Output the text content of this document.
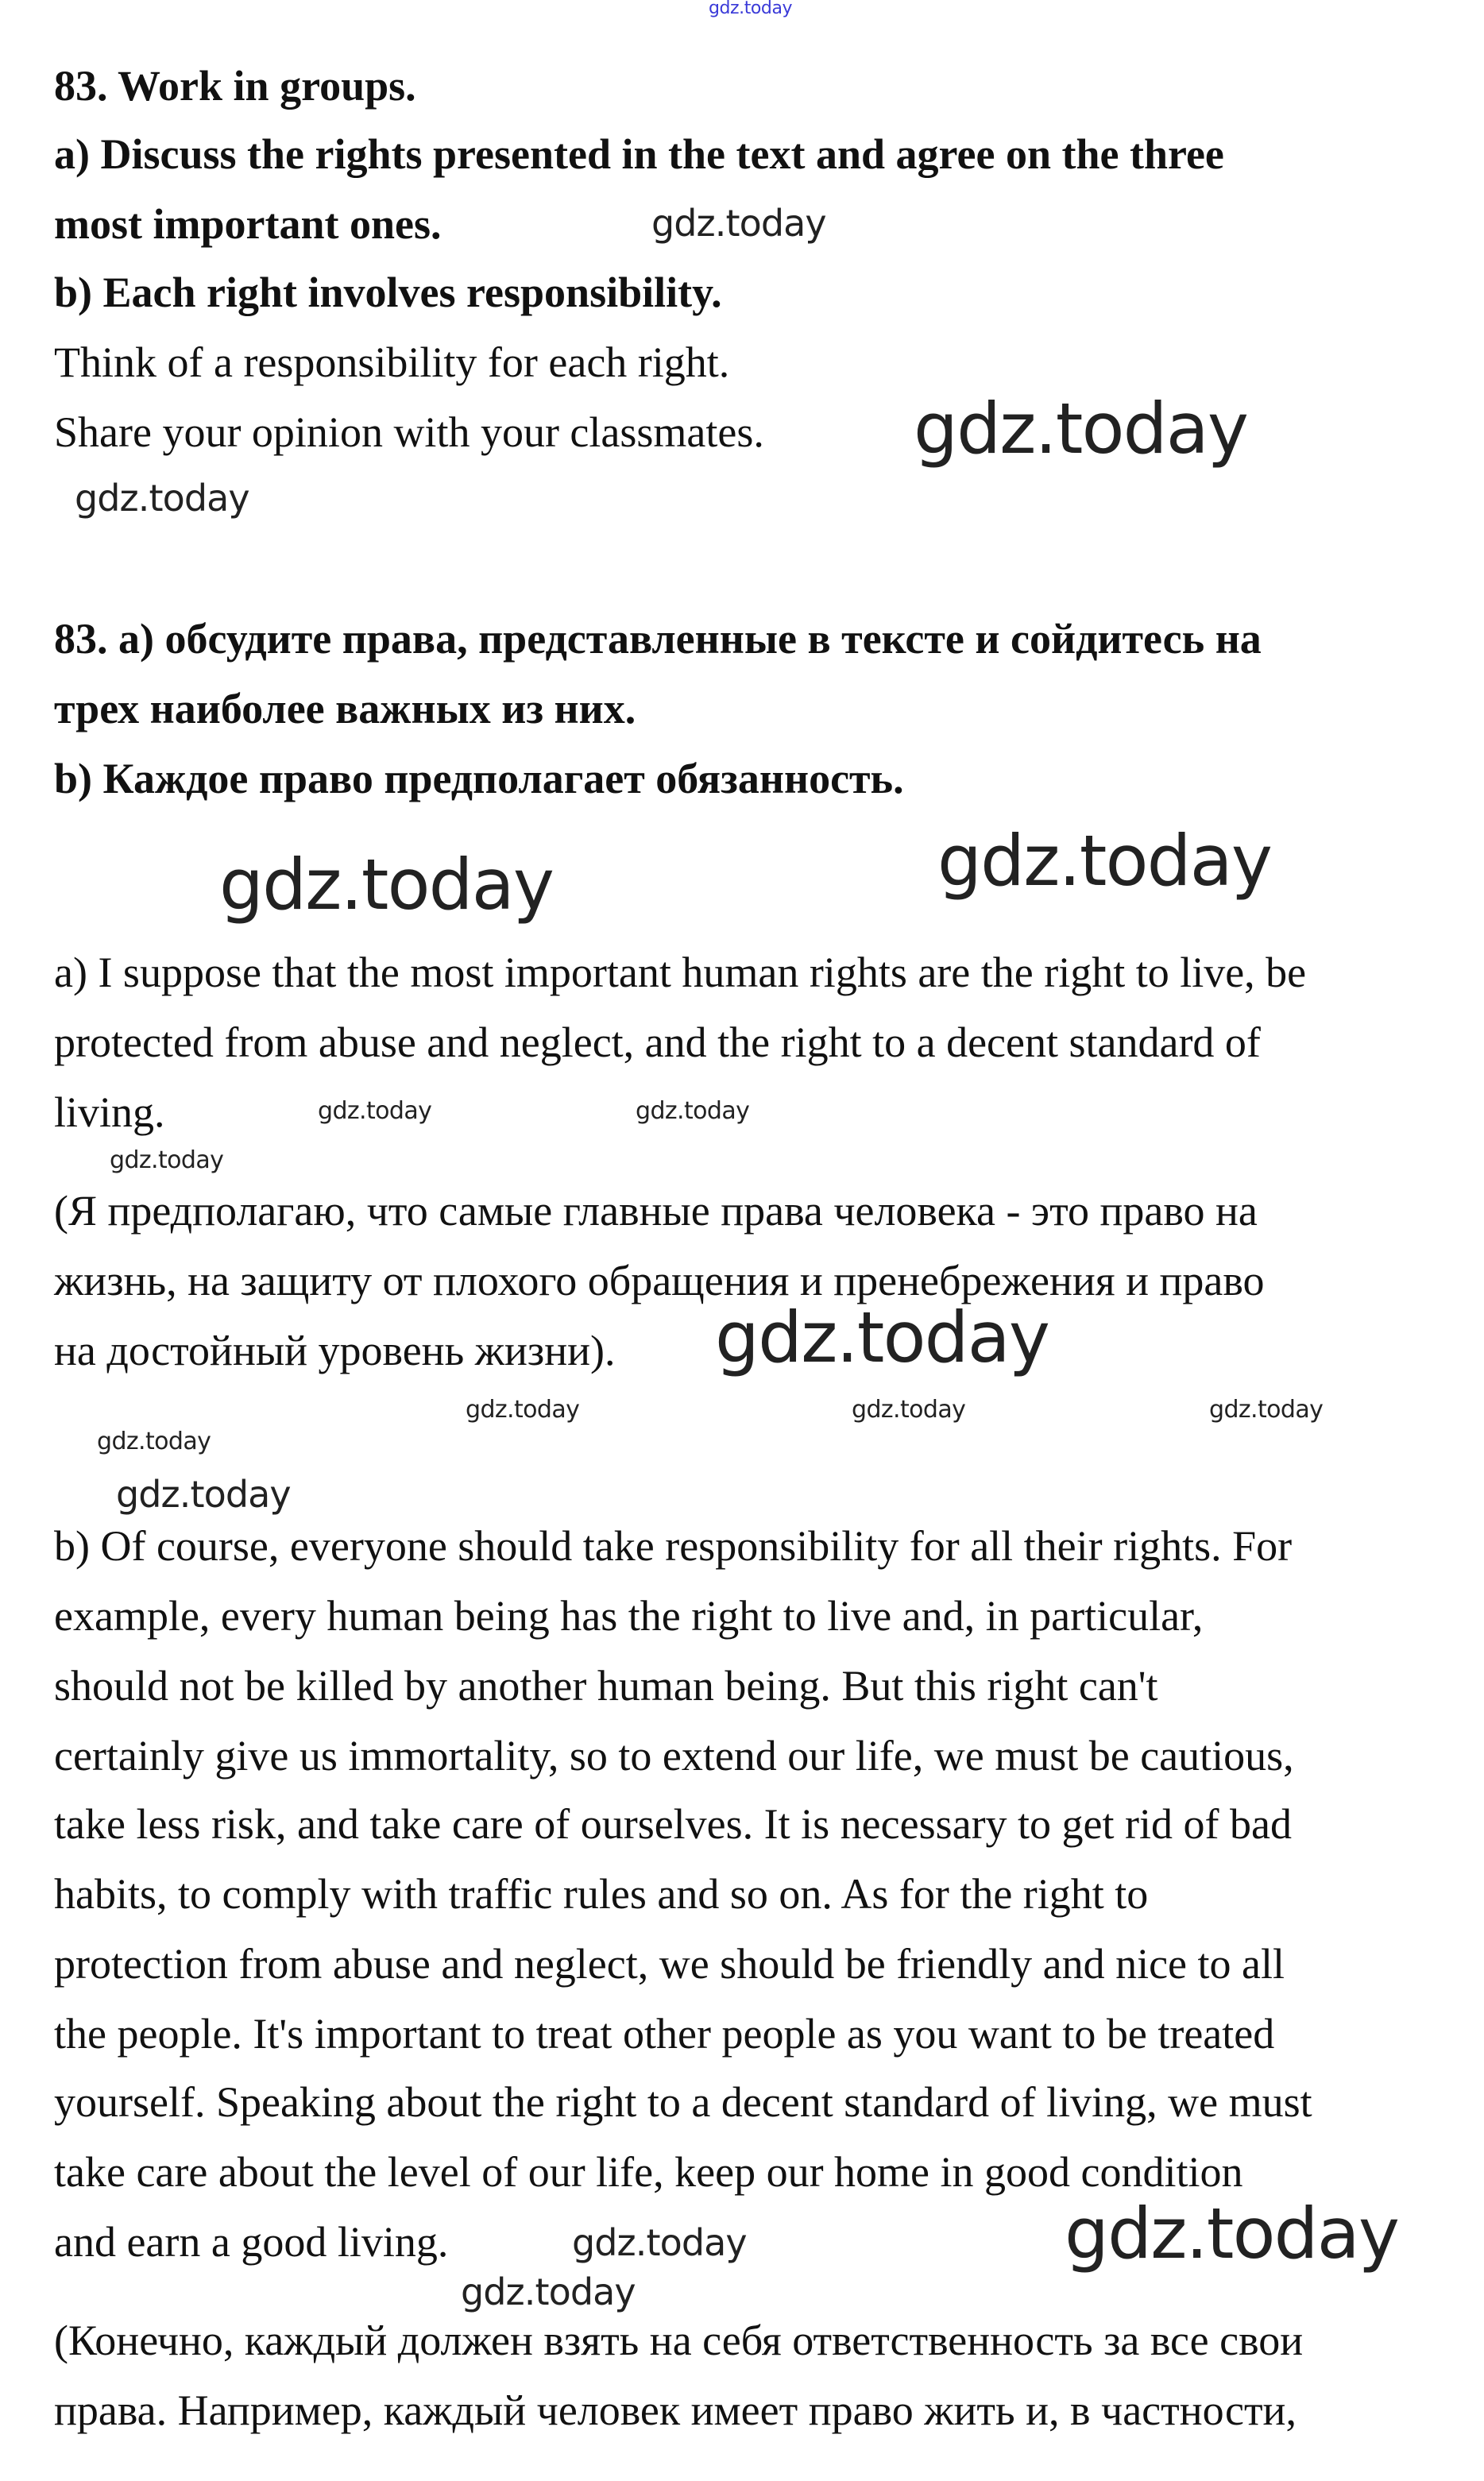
83. Work in groups.
a) Discuss the rights presented in the text and agree on the three
most important ones.
b) Each right involves responsibility.
Think of a responsibility for each right.
Share your opinion with your classmates.
83. а) обсудите права, представленные в тексте и сойдитесь на
трех наиболее важных из них.
b) Каждое право предполагает обязанность.
a) I suppose that the most important human rights are the right to live, be
protected from abuse and neglect, and the right to a decent standard of
living.
(Я предполагаю, что самые главные права человека - это право на
жизнь, на защиту от плохого обращения и пренебрежения и право
на достойный уровень жизни).
b) Of course, everyone should take responsibility for all their rights. For
example, every human being has the right to live and, in particular,
should not be killed by another human being. But this right can't
certainly give us immortality, so to extend our life, we must be cautious,
take less risk, and take care of ourselves. It is necessary to get rid of bad
habits, to comply with traffic rules and so on. As for the right to
protection from abuse and neglect, we should be friendly and nice to all
the people. It's important to treat other people as you want to be treated
yourself. Speaking about the right to a decent standard of living, we must
take care about the level of our life, keep our home in good condition
and earn a good living.
(Конечно, каждый должен взять на себя ответственность за все свои
права. Например, каждый человек имеет право жить и, в частности,
gdz.today
gdz.today
gdz.today
gdz.today
gdz.today	gdz.today
gdz.today	gdz.today
gdz.today
gdz.today
gdz.today	gdz.today	gdz.today
gdz.today
gdz.today
gdz.today	gdz.today
gdz.today
